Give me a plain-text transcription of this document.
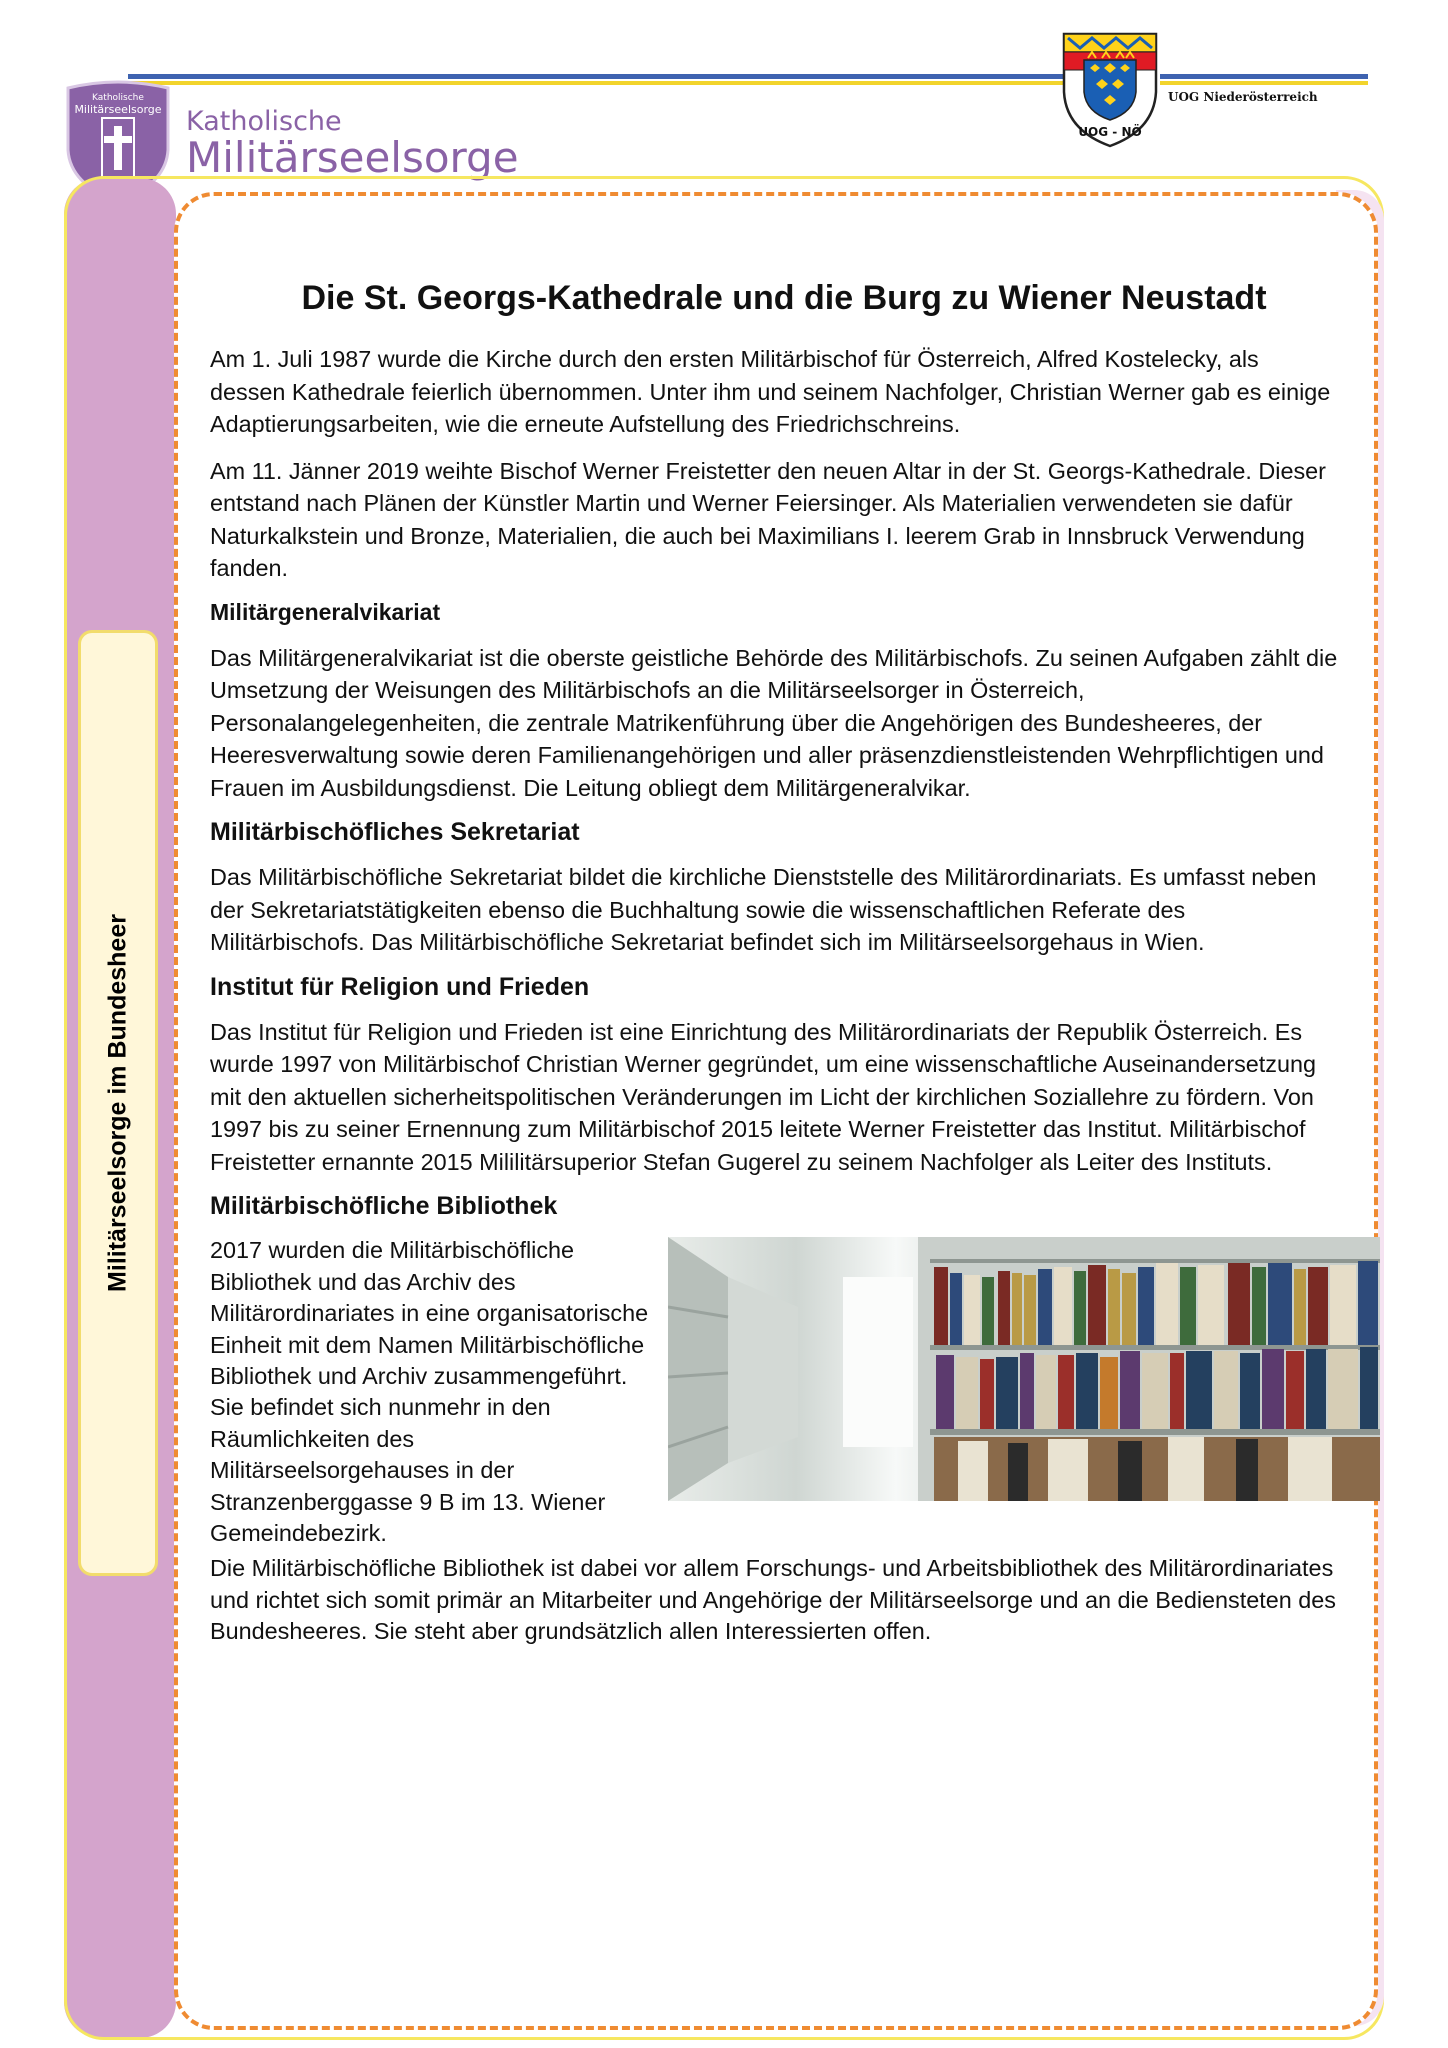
Katholische
Militärseelsorge Katholische
Militärseelsorge
UOG - NÖ
UOG Niederösterreich
Militärseelsorge im Bundesheer
Die St. Georgs-Kathedrale und die Burg zu Wiener Neustadt

Am 1. Juli 1987 wurde die Kirche durch den ersten Militärbischof für Österreich, Alfred Kostelecky, als dessen Kathedrale feierlich übernommen. Unter ihm und seinem Nachfolger, Christian Werner gab es einige Adaptierungsarbeiten, wie die erneute Aufstellung des Friedrichschreins.

Am 11. Jänner 2019 weihte Bischof Werner Freistetter den neuen Altar in der St. Georgs-Kathedrale. Dieser entstand nach Plänen der Künstler Martin und Werner Feiersinger. Als Materialien verwendeten sie dafür Naturkalkstein und Bronze, Materialien, die auch bei Maximilians I. leerem Grab in Innsbruck Verwendung fanden.

Militärgeneralvikariat

Das Militärgeneralvikariat ist die oberste geistliche Behörde des Militärbischofs. Zu seinen Aufgaben zählt die Umsetzung der Weisungen des Militärbischofs an die Militärseelsorger in Österreich, Personalangelegenheiten, die zentrale Matrikenführung über die Angehörigen des Bundesheeres, der Heeresverwaltung sowie deren Familienangehörigen und aller präsenzdienstleistenden Wehrpflichtigen und Frauen im Ausbildungsdienst. Die Leitung obliegt dem Militärgeneralvikar.

Militärbischöfliches Sekretariat

Das Militärbischöfliche Sekretariat bildet die kirchliche Dienststelle des Militärordinariats. Es umfasst neben der Sekretariatstätigkeiten ebenso die Buchhaltung sowie die wissenschaftlichen Referate des Militärbischofs. Das Militärbischöfliche Sekretariat befindet sich im Militärseelsorgehaus in Wien.

Institut für Religion und Frieden

Das Institut für Religion und Frieden ist eine Einrichtung des Militärordinariats der Republik Österreich. Es wurde 1997 von Militärbischof Christian Werner gegründet, um eine wissenschaftliche Auseinandersetzung mit den aktuellen sicherheitspolitischen Veränderungen im Licht der kirchlichen Soziallehre zu fördern. Von 1997 bis zu seiner Ernennung zum Militärbischof 2015 leitete Werner Freistetter das Institut. Militärbischof Freistetter ernannte 2015 Mililitärsuperior Stefan Gugerel zu seinem Nachfolger als Leiter des Instituts.

Militärbischöfliche Bibliothek

2017 wurden die Militärbischöfliche Bibliothek und das Archiv des Militärordinariates in eine organisatorische Einheit mit dem Namen Militärbischöfliche Bibliothek und Archiv zusammengeführt. Sie befindet sich nunmehr in den Räumlichkeiten des Militärseelsorgehauses in der Stranzenberggasse 9 B im 13. Wiener Gemeindebezirk.

Die Militärbischöfliche Bibliothek ist dabei vor allem Forschungs- und Arbeitsbibliothek des Militärordinariates und richtet sich somit primär an Mitarbeiter und Angehörige der Militärseelsorge und an die Bediensteten des Bundesheeres. Sie steht aber grundsätzlich allen Interessierten offen.
